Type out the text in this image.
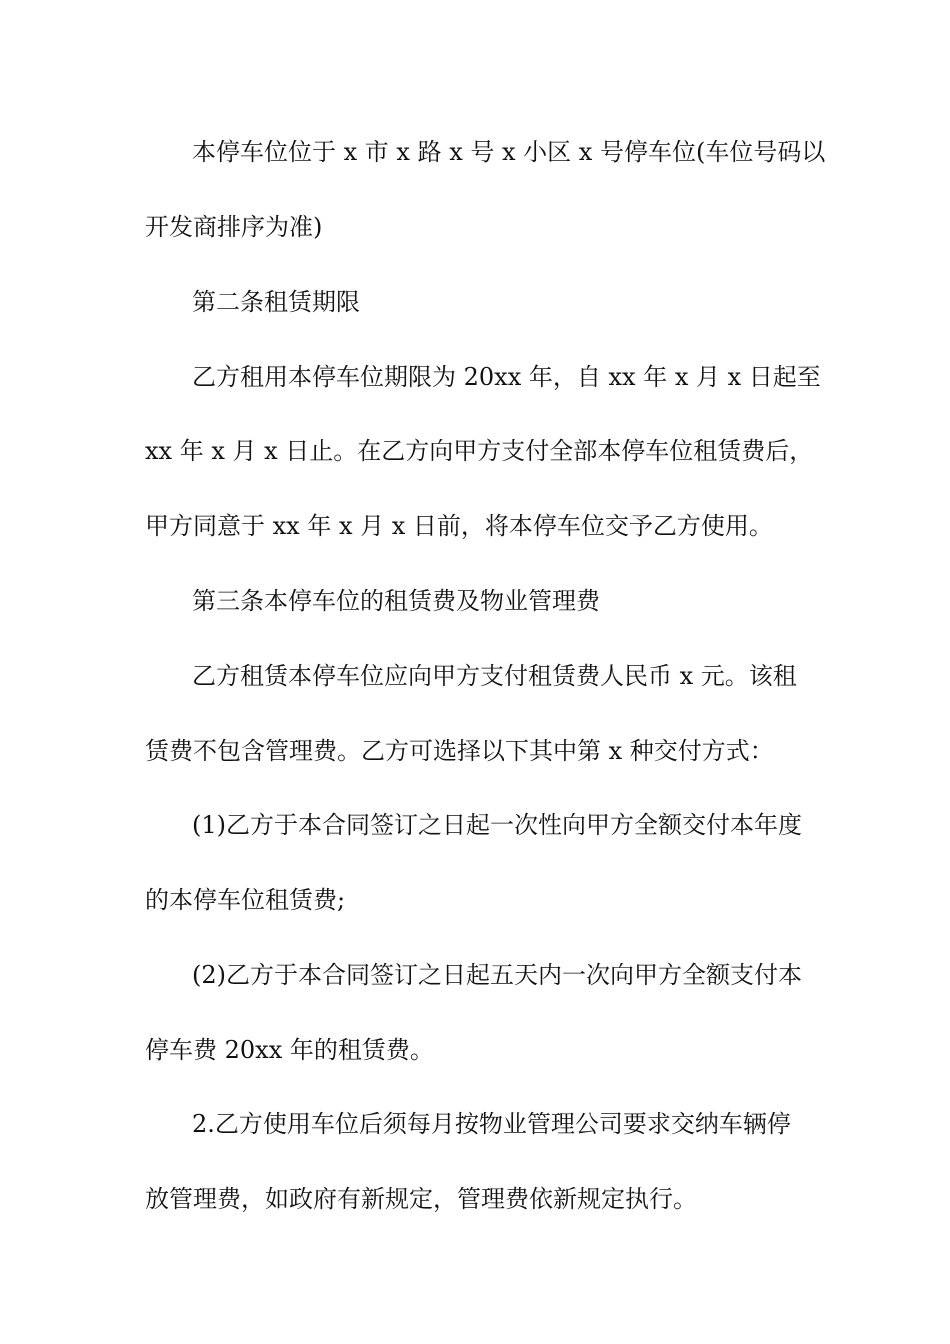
本停车位位于 x 市 x 路 x 号 x 小区 x 号停车位(车位号码以
开发商排序为准)
第二条租赁期限
乙方租用本停车位期限为 20xx 年，自 xx 年 x 月 x 日起至
xx 年 x 月 x 日止。在乙方向甲方支付全部本停车位租赁费后，
甲方同意于 xx 年 x 月 x 日前，将本停车位交予乙方使用。
第三条本停车位的租赁费及物业管理费
乙方租赁本停车位应向甲方支付租赁费人民币 x 元。该租
赁费不包含管理费。乙方可选择以下其中第 x 种交付方式：
(1)乙方于本合同签订之日起一次性向甲方全额交付本年度
的本停车位租赁费;
(2)乙方于本合同签订之日起五天内一次向甲方全额支付本
停车费 20xx 年的租赁费。
2.乙方使用车位后须每月按物业管理公司要求交纳车辆停
放管理费，如政府有新规定，管理费依新规定执行。
